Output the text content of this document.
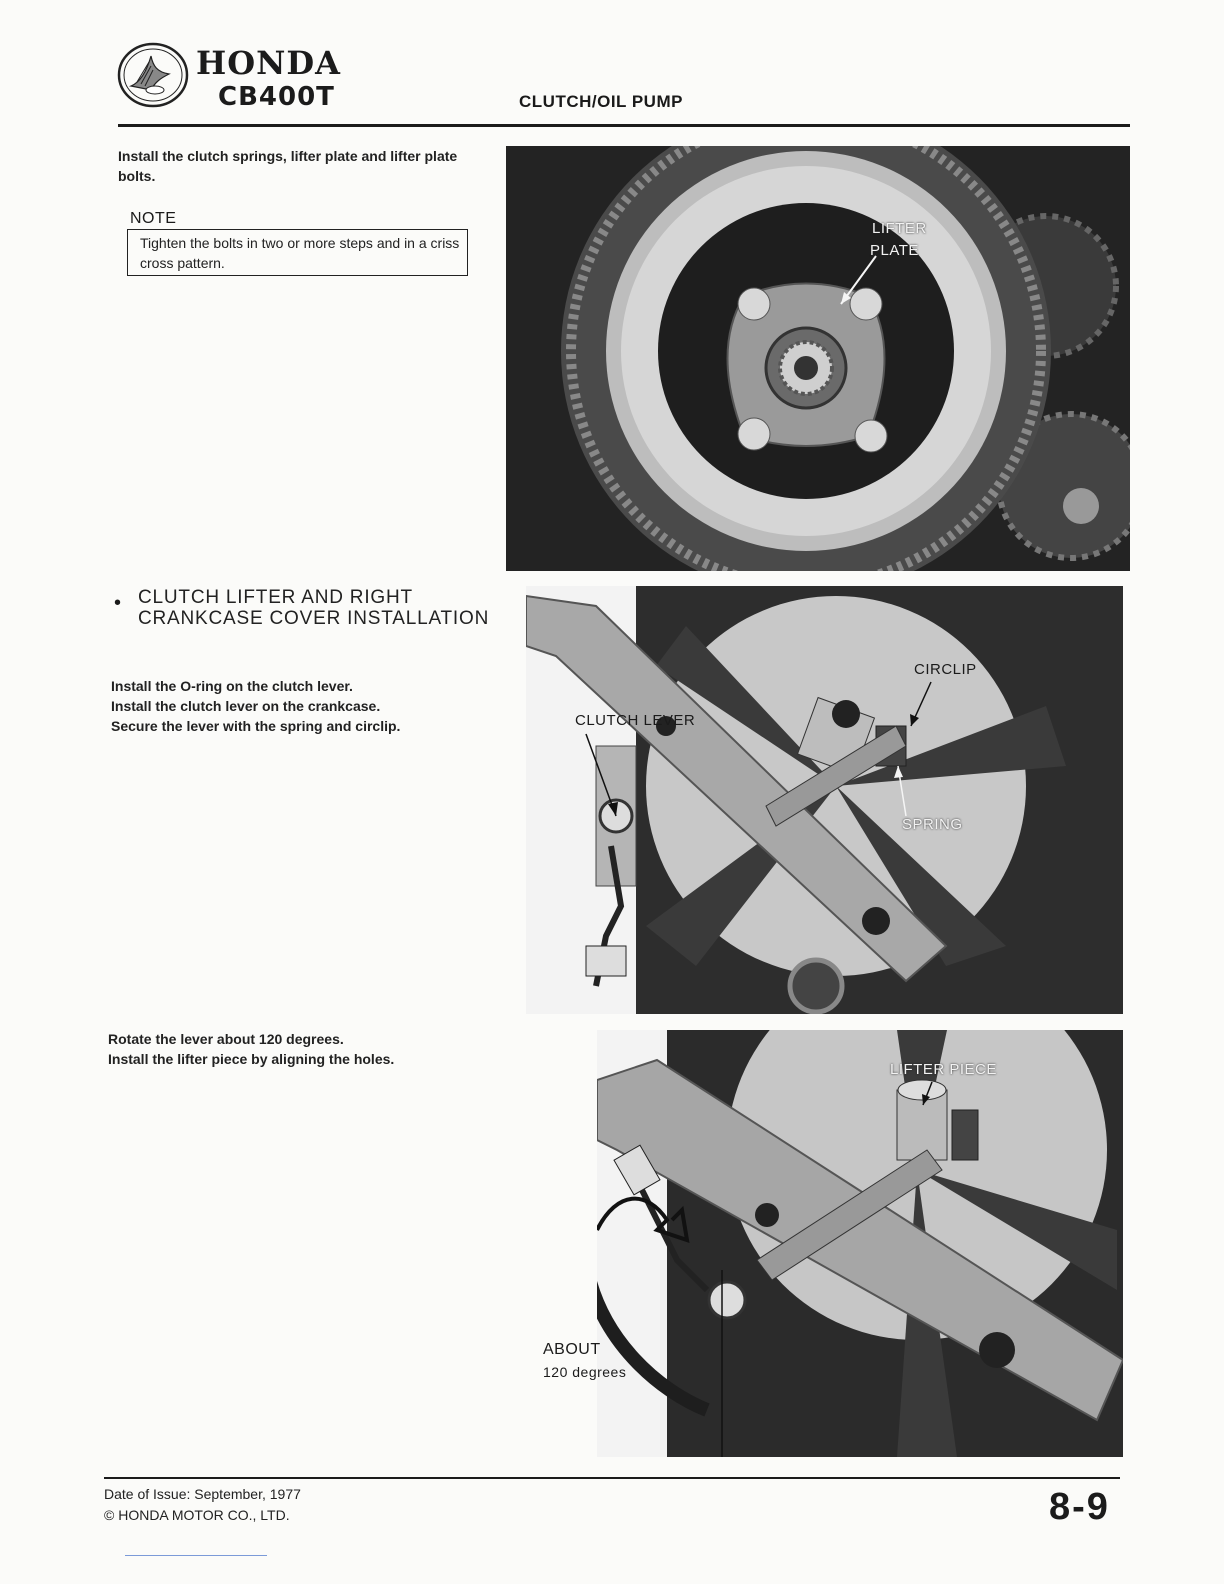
HONDA
CB400T	CLUTCH/OIL PUMP
Install the clutch springs, lifter plate and lifter plate bolts.
NOTE
Tighten the bolts in two or more steps and in a criss cross pattern.
• CLUTCH LIFTER AND RIGHT CRANKCASE COVER INSTALLATION
Install the O-ring on the clutch lever.
Install the clutch lever on the crankcase.
Secure the lever with the spring and circlip.
Rotate the lever about 120 degrees.
Install the lifter piece by aligning the holes.
LIFTER
PLATE
CIRCLIP
CLUTCH LEVER
SPRING
LIFTER PIECE
ABOUT
120 degrees
Date of Issue: September, 1977
© HONDA MOTOR CO., LTD.	8-9
